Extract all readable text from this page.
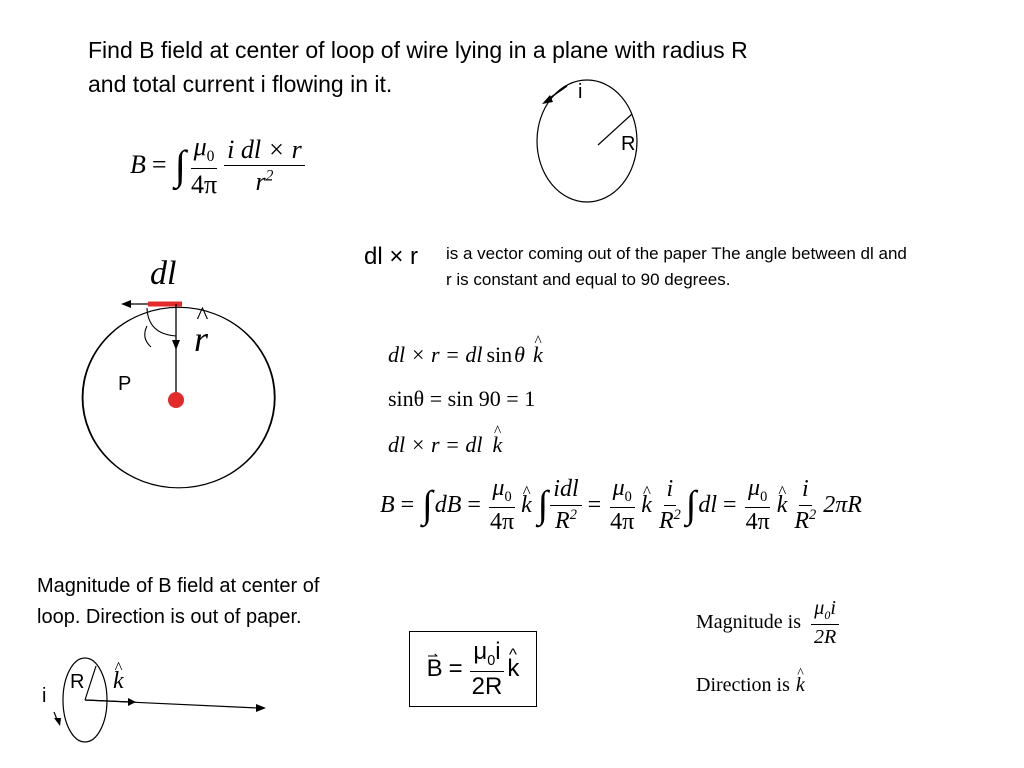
Find B field at center of loop of wire lying in a plane with radius R
and total current i flowing in it.	i
R
B = ∫ $\frac{\mu_0}{4\pi} \frac{\text{i dl × r}}{r^2}$
dl
^ r
P
dl × r is a vector coming out of the paper The angle between dl and r is constant and equal to 90 degrees.
dl × r = dl sin θ ^ k
sinθ = sin 90 = 1
dl × r = dl ^ k
B = ∫ dB = $\frac{\mu_0}{4\pi}$ ^ k ∫ $\frac{\text{idl}}{R^2} = \frac{\mu_0}{4\pi}$ ^ k $\frac{i}{R^2}$ ∫ dl = $\frac{\mu_0}{4\pi}$ ^ k $\frac{i}{R^2} 2\pi R$
Magnitude of B field at center of
loop. Direction is out of paper.
R
i
^ k	⇀ $B = \frac{\mu_0i}{2R}$ ^ k
Magnitude is $\frac{\mu_0i}{2R}$
Direction is ^ k
